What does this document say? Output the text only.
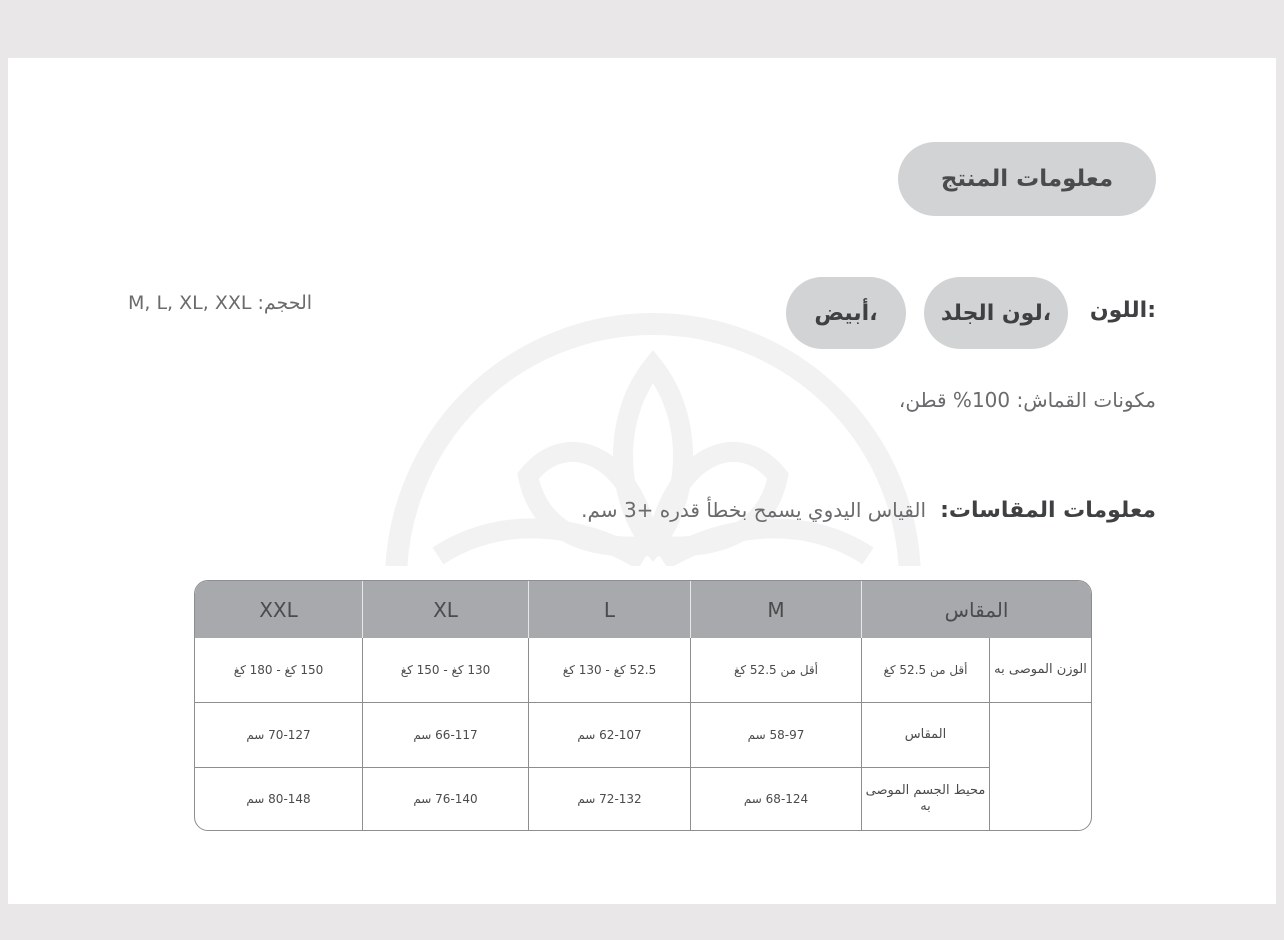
معلومات المنتج
الحجم:M, L, XL, XXL	اللون:
لون الجلد،
أبيض،
مكونات القماش: 100% قطن،
معلومات المقاسات:القياس اليدوي يسمح بخطأ قدره +3 سم.
المقاس		M	L	XL	XXL
الوزن الموصى به	أقل من 52.5 كغ	أقل من 52.5 كغ	52.5 كغ - 130 كغ	130 كغ - 150 كغ	150 كغ - 180 كغ
	المقاس	58-97 سم	62-107 سم	66-117 سم	70-127 سم
	محيط الجسم الموصى به	68-124 سم	72-132 سم	76-140 سم	80-148 سم
